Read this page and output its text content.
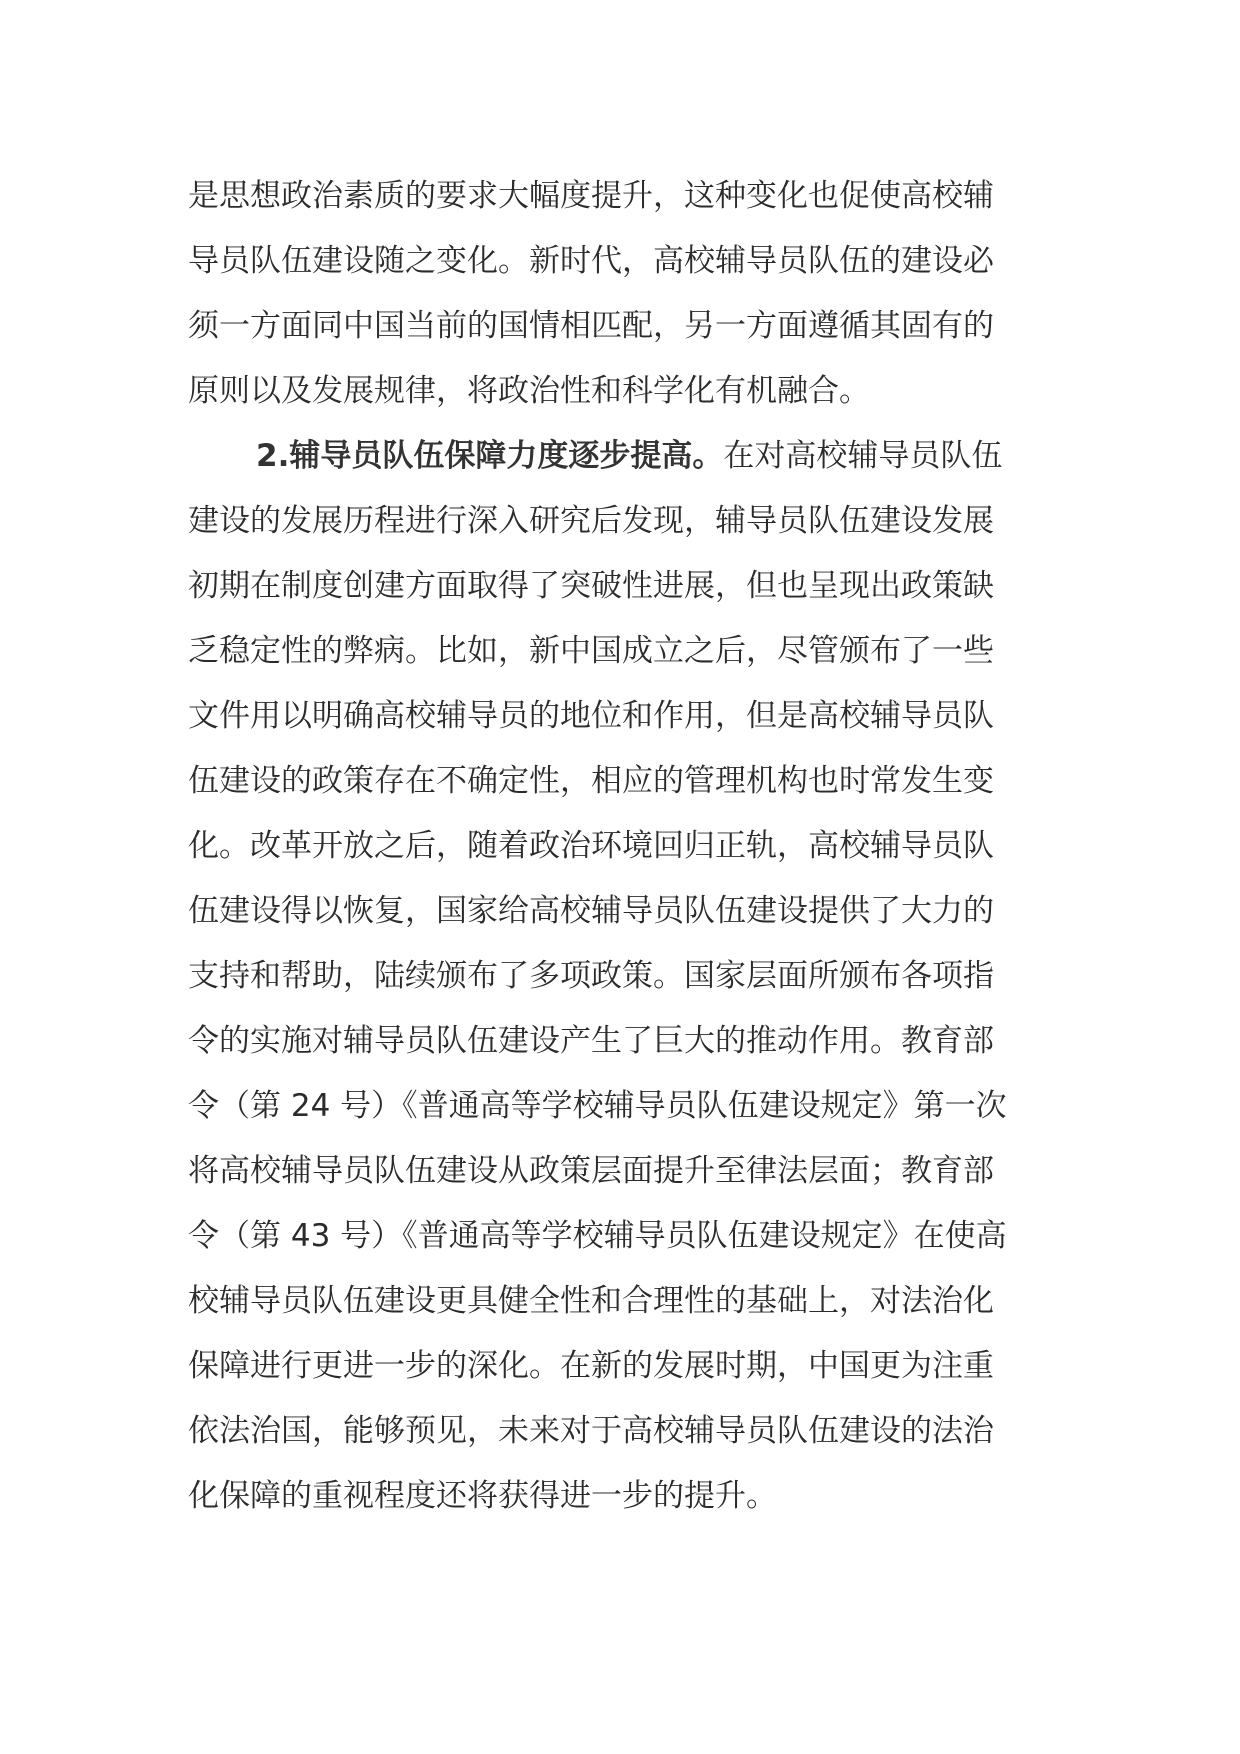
是思想政治素质的要求大幅度提升，这种变化也促使高校辅
导员队伍建设随之变化。新时代，高校辅导员队伍的建设必
须一方面同中国当前的国情相匹配，另一方面遵循其固有的
原则以及发展规律，将政治性和科学化有机融合。
2.辅导员队伍保障力度逐步提高。在对高校辅导员队伍
建设的发展历程进行深入研究后发现，辅导员队伍建设发展
初期在制度创建方面取得了突破性进展，但也呈现出政策缺
乏稳定性的弊病。比如，新中国成立之后，尽管颁布了一些
文件用以明确高校辅导员的地位和作用，但是高校辅导员队
伍建设的政策存在不确定性，相应的管理机构也时常发生变
化。改革开放之后，随着政治环境回归正轨，高校辅导员队
伍建设得以恢复，国家给高校辅导员队伍建设提供了大力的
支持和帮助，陆续颁布了多项政策。国家层面所颁布各项指
令的实施对辅导员队伍建设产生了巨大的推动作用。教育部
令（第 24 号）《普通高等学校辅导员队伍建设规定》第一次
将高校辅导员队伍建设从政策层面提升至律法层面；教育部
令（第 43 号）《普通高等学校辅导员队伍建设规定》在使高
校辅导员队伍建设更具健全性和合理性的基础上，对法治化
保障进行更进一步的深化。在新的发展时期，中国更为注重
依法治国，能够预见，未来对于高校辅导员队伍建设的法治
化保障的重视程度还将获得进一步的提升。
